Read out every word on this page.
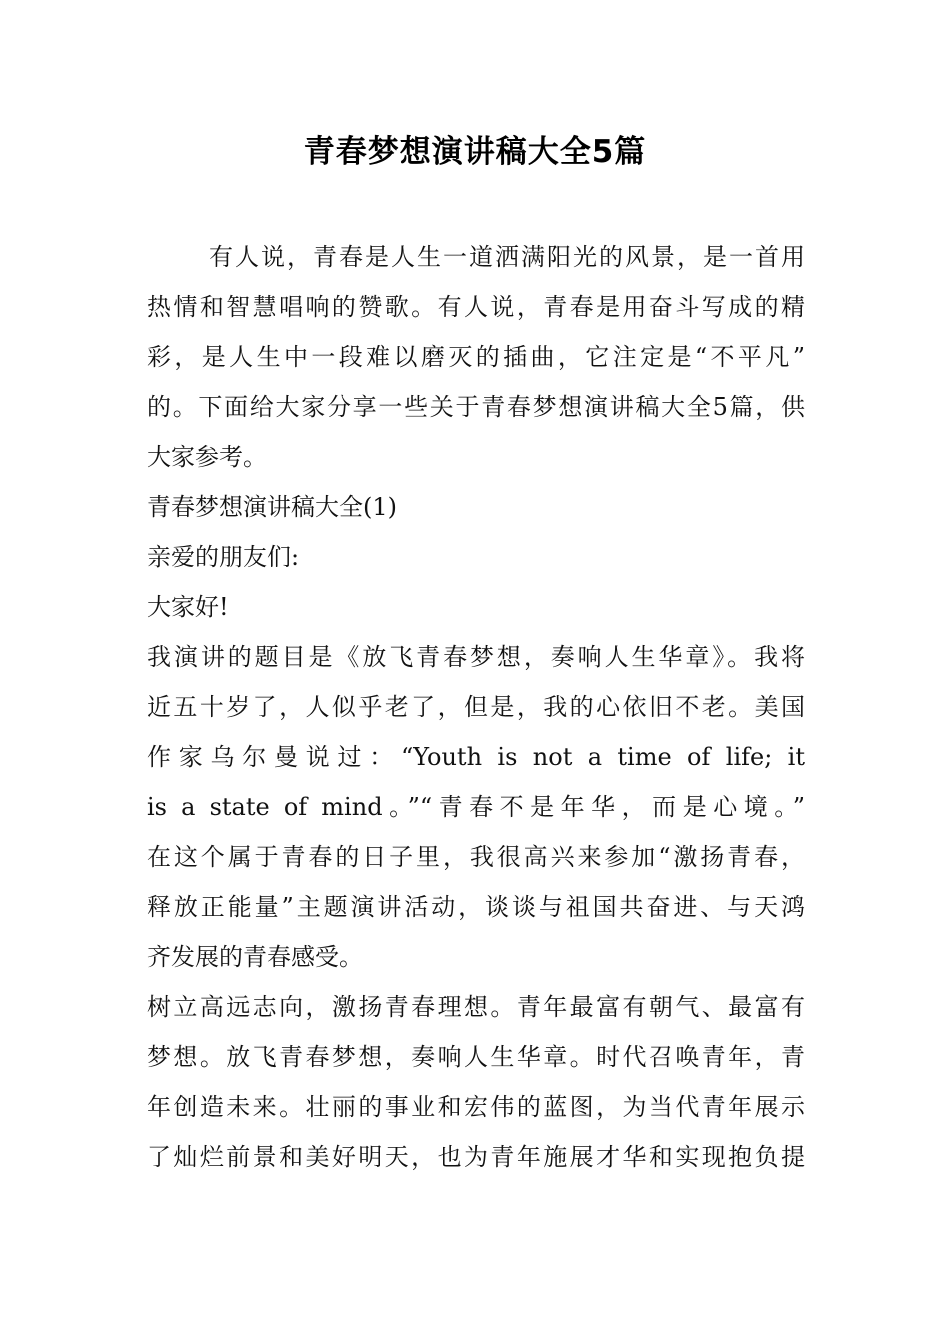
青春梦想演讲稿大全5篇
有人说，青春是人生一道洒满阳光的风景，是一首用
热情和智慧唱响的赞歌。有人说，青春是用奋斗写成的精
彩，是人生中一段难以磨灭的插曲，它注定是“不平凡”
的。下面给大家分享一些关于青春梦想演讲稿大全5篇，供
大家参考。
青春梦想演讲稿大全(1)
亲爱的朋友们:
大家好!
我演讲的题目是《放飞青春梦想，奏响人生华章》。我将
近五十岁了，人似乎老了，但是，我的心依旧不老。美国
作家乌尔曼说过：“Youth is not a time of life; it
is a state of mind。”“青春不是年华，而是心境。”
在这个属于青春的日子里，我很高兴来参加“激扬青春，
释放正能量”主题演讲活动，谈谈与祖国共奋进、与天鸿
齐发展的青春感受。
树立高远志向，激扬青春理想。青年最富有朝气、最富有
梦想。放飞青春梦想，奏响人生华章。时代召唤青年，青
年创造未来。壮丽的事业和宏伟的蓝图，为当代青年展示
了灿烂前景和美好明天，也为青年施展才华和实现抱负提
